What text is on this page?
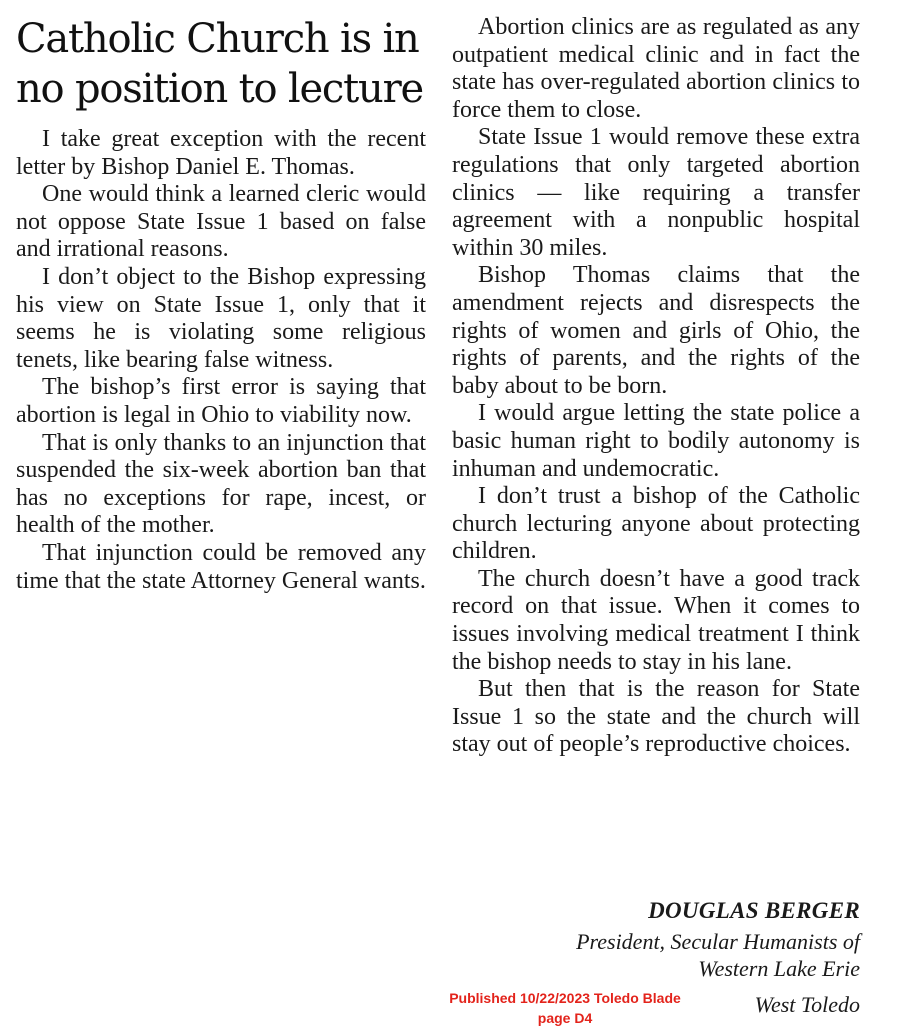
Catholic Church is in no position to lecture

I take great exception with the recent letter by Bishop Daniel E. Thomas.

One would think a learned cleric would not oppose State Issue 1 based on false and irrational reasons.

I don’t object to the Bishop expressing his view on State Issue 1, only that it seems he is violating some religious tenets, like bearing false witness.

The bishop’s first error is saying that abortion is legal in Ohio to viability now.

That is only thanks to an injunction that suspended the six-week abortion ban that has no exceptions for rape, incest, or health of the mother.

That injunction could be removed any time that the state Attorney General wants.

Abortion clinics are as regulated as any outpatient medical clinic and in fact the state has over-regulated abortion clinics to force them to close.

State Issue 1 would remove these extra regulations that only targeted abortion clinics — like requiring a transfer agreement with a nonpublic hospital within 30 miles.

Bishop Thomas claims that the amendment rejects and disrespects the rights of women and girls of Ohio, the rights of parents, and the rights of the baby about to be born.

I would argue letting the state police a basic human right to bodily autonomy is inhuman and undemocratic.

I don’t trust a bishop of the Catholic church lecturing anyone about protecting children.

The church doesn’t have a good track record on that issue. When it comes to issues involving medical treatment I think the bishop needs to stay in his lane.

But then that is the reason for State Issue 1 so the state and the church will stay out of people’s reproductive choices.

DOUGLAS BERGER
President, Secular Humanists of
Western Lake Erie
West Toledo
Published 10/22/2023 Toledo Blade
page D4
